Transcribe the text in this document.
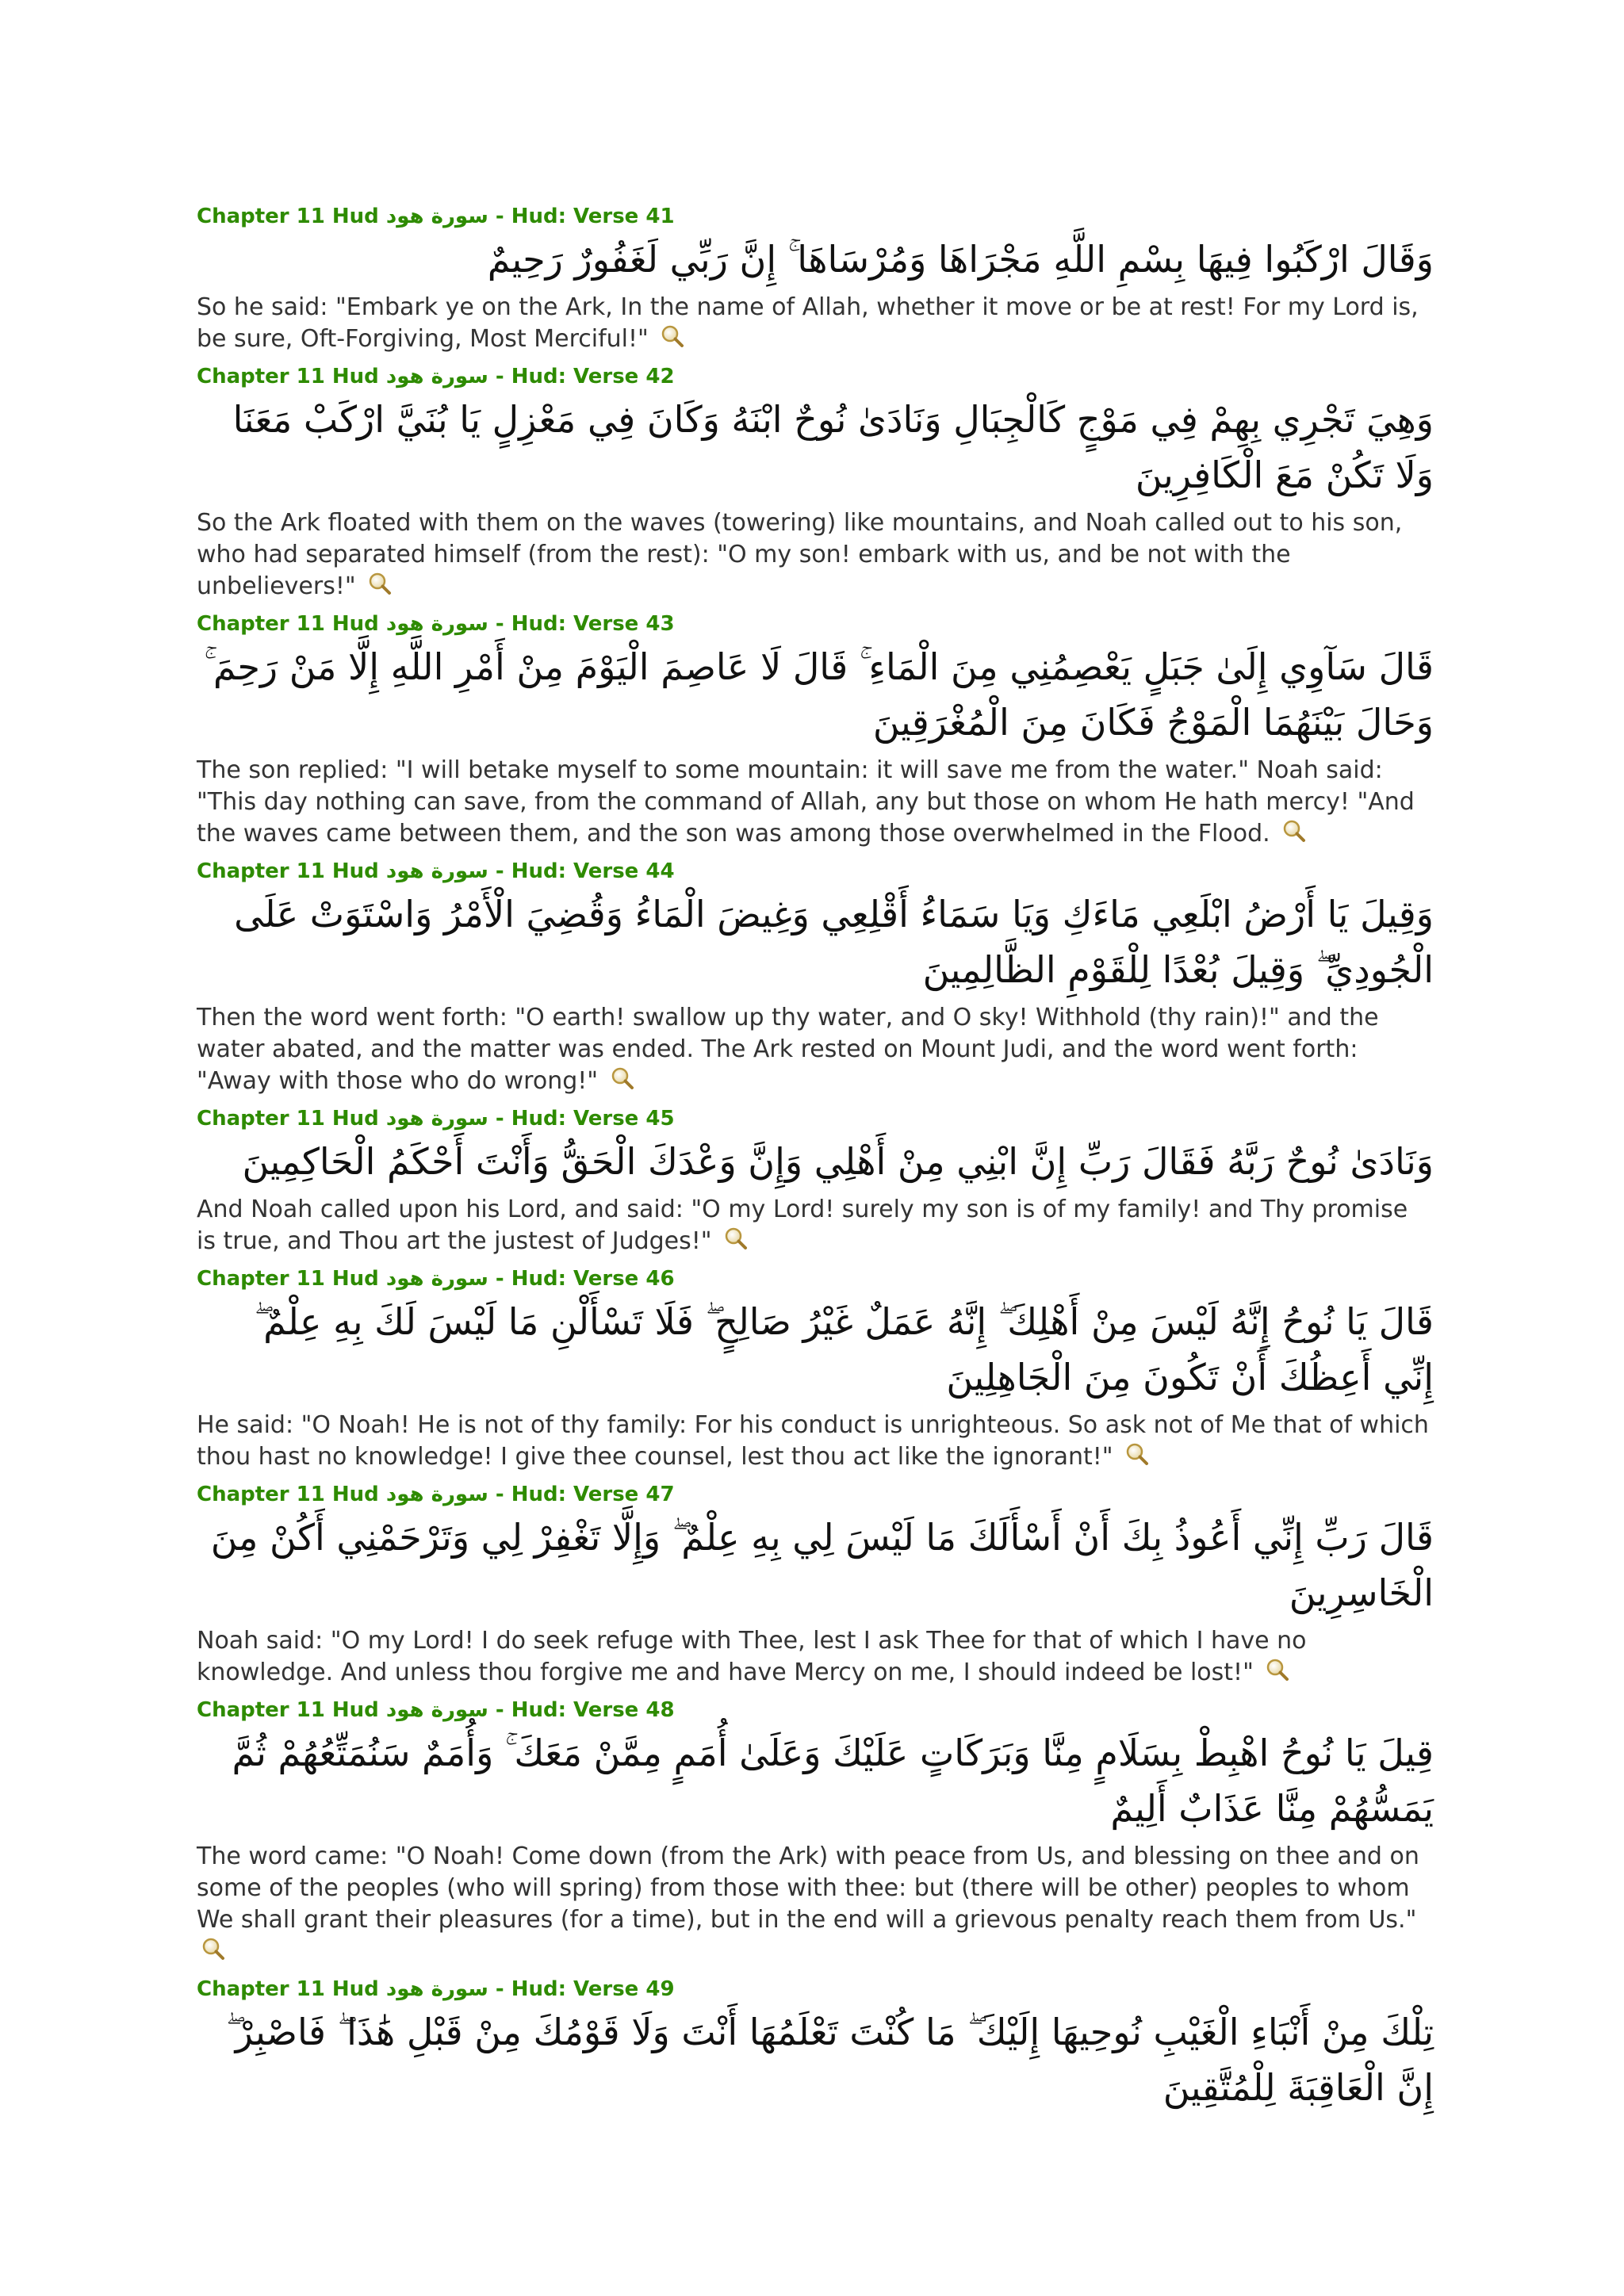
Chapter 11 Hud سورة هود - Hud: Verse 41
وَقَالَ ارْكَبُوا فِيهَا بِسْمِ اللَّهِ مَجْرَاهَا وَمُرْسَاهَا ۚ إِنَّ رَبِّي لَغَفُورٌ رَحِيمٌ
So he said: "Embark ye on the Ark, In the name of Allah, whether it move or be at rest! For my Lord is, be sure, Oft-Forgiving, Most Merciful!"
Chapter 11 Hud سورة هود - Hud: Verse 42
وَهِيَ تَجْرِي بِهِمْ فِي مَوْجٍ كَالْجِبَالِ وَنَادَىٰ نُوحٌ ابْنَهُ وَكَانَ فِي مَعْزِلٍ يَا بُنَيَّ ارْكَبْ مَعَنَا وَلَا تَكُنْ مَعَ الْكَافِرِينَ
So the Ark floated with them on the waves (towering) like mountains, and Noah called out to his son, who had separated himself (from the rest): "O my son! embark with us, and be not with the unbelievers!"
Chapter 11 Hud سورة هود - Hud: Verse 43
قَالَ سَآوِي إِلَىٰ جَبَلٍ يَعْصِمُنِي مِنَ الْمَاءِ ۚ قَالَ لَا عَاصِمَ الْيَوْمَ مِنْ أَمْرِ اللَّهِ إِلَّا مَنْ رَحِمَ ۚ وَحَالَ بَيْنَهُمَا الْمَوْجُ فَكَانَ مِنَ الْمُغْرَقِينَ
The son replied: "I will betake myself to some mountain: it will save me from the water." Noah said: "This day nothing can save, from the command of Allah, any but those on whom He hath mercy! "And the waves came between them, and the son was among those overwhelmed in the Flood.
Chapter 11 Hud سورة هود - Hud: Verse 44
وَقِيلَ يَا أَرْضُ ابْلَعِي مَاءَكِ وَيَا سَمَاءُ أَقْلِعِي وَغِيضَ الْمَاءُ وَقُضِيَ الْأَمْرُ وَاسْتَوَتْ عَلَى الْجُودِيِّ ۖ وَقِيلَ بُعْدًا لِلْقَوْمِ الظَّالِمِينَ
Then the word went forth: "O earth! swallow up thy water, and O sky! Withhold (thy rain)!" and the water abated, and the matter was ended. The Ark rested on Mount Judi, and the word went forth: "Away with those who do wrong!"
Chapter 11 Hud سورة هود - Hud: Verse 45
وَنَادَىٰ نُوحٌ رَبَّهُ فَقَالَ رَبِّ إِنَّ ابْنِي مِنْ أَهْلِي وَإِنَّ وَعْدَكَ الْحَقُّ وَأَنْتَ أَحْكَمُ الْحَاكِمِينَ
And Noah called upon his Lord, and said: "O my Lord! surely my son is of my family! and Thy promise is true, and Thou art the justest of Judges!"
Chapter 11 Hud سورة هود - Hud: Verse 46
قَالَ يَا نُوحُ إِنَّهُ لَيْسَ مِنْ أَهْلِكَ ۖ إِنَّهُ عَمَلٌ غَيْرُ صَالِحٍ ۖ فَلَا تَسْأَلْنِ مَا لَيْسَ لَكَ بِهِ عِلْمٌ ۖ إِنِّي أَعِظُكَ أَنْ تَكُونَ مِنَ الْجَاهِلِينَ
He said: "O Noah! He is not of thy family: For his conduct is unrighteous. So ask not of Me that of which thou hast no knowledge! I give thee counsel, lest thou act like the ignorant!"
Chapter 11 Hud سورة هود - Hud: Verse 47
قَالَ رَبِّ إِنِّي أَعُوذُ بِكَ أَنْ أَسْأَلَكَ مَا لَيْسَ لِي بِهِ عِلْمٌ ۖ وَإِلَّا تَغْفِرْ لِي وَتَرْحَمْنِي أَكُنْ مِنَ الْخَاسِرِينَ
Noah said: "O my Lord! I do seek refuge with Thee, lest I ask Thee for that of which I have no knowledge. And unless thou forgive me and have Mercy on me, I should indeed be lost!"
Chapter 11 Hud سورة هود - Hud: Verse 48
قِيلَ يَا نُوحُ اهْبِطْ بِسَلَامٍ مِنَّا وَبَرَكَاتٍ عَلَيْكَ وَعَلَىٰ أُمَمٍ مِمَّنْ مَعَكَ ۚ وَأُمَمٌ سَنُمَتِّعُهُمْ ثُمَّ يَمَسُّهُمْ مِنَّا عَذَابٌ أَلِيمٌ
The word came: "O Noah! Come down (from the Ark) with peace from Us, and blessing on thee and on some of the peoples (who will spring) from those with thee: but (there will be other) peoples to whom We shall grant their pleasures (for a time), but in the end will a grievous penalty reach them from Us."
Chapter 11 Hud سورة هود - Hud: Verse 49
تِلْكَ مِنْ أَنْبَاءِ الْغَيْبِ نُوحِيهَا إِلَيْكَ ۖ مَا كُنْتَ تَعْلَمُهَا أَنْتَ وَلَا قَوْمُكَ مِنْ قَبْلِ هَٰذَا ۖ فَاصْبِرْ ۖ إِنَّ الْعَاقِبَةَ لِلْمُتَّقِينَ
